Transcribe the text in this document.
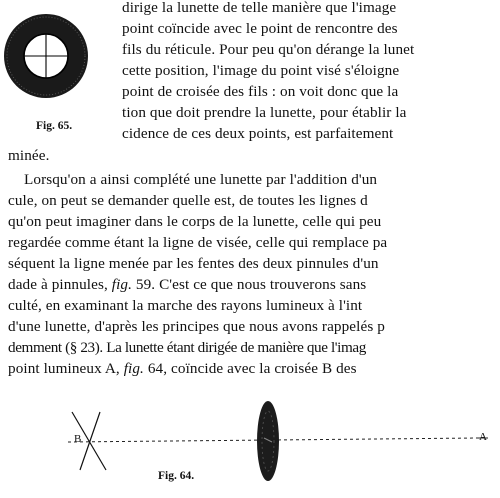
Fig. 65.
Fig. 64.
B	A
dirige la lunette de telle manière que l'image
point coïncide avec le point de rencontre des
fils du réticule. Pour peu qu'on dérange la lunet
cette position, l'image du point visé s'éloigne
point de croisée des fils : on voit donc que la
tion que doit prendre la lunette, pour établir la
cidence de ces deux points, est parfaitement
minée.
Lorsqu'on a ainsi complété une lunette par l'addition d'un
cule, on peut se demander quelle est, de toutes les lignes d
qu'on peut imaginer dans le corps de la lunette, celle qui peu
regardée comme étant la ligne de visée, celle qui remplace pa
séquent la ligne menée par les fentes des deux pinnules d'un
dade à pinnules, fig. 59. C'est ce que nous trouverons sans
culté, en examinant la marche des rayons lumineux à l'int
d'une lunette, d'après les principes que nous avons rappelés p
demment (§ 23). La lunette étant dirigée de manière que l'imag
point lumineux A, fig. 64, coïncide avec la croisée B des
